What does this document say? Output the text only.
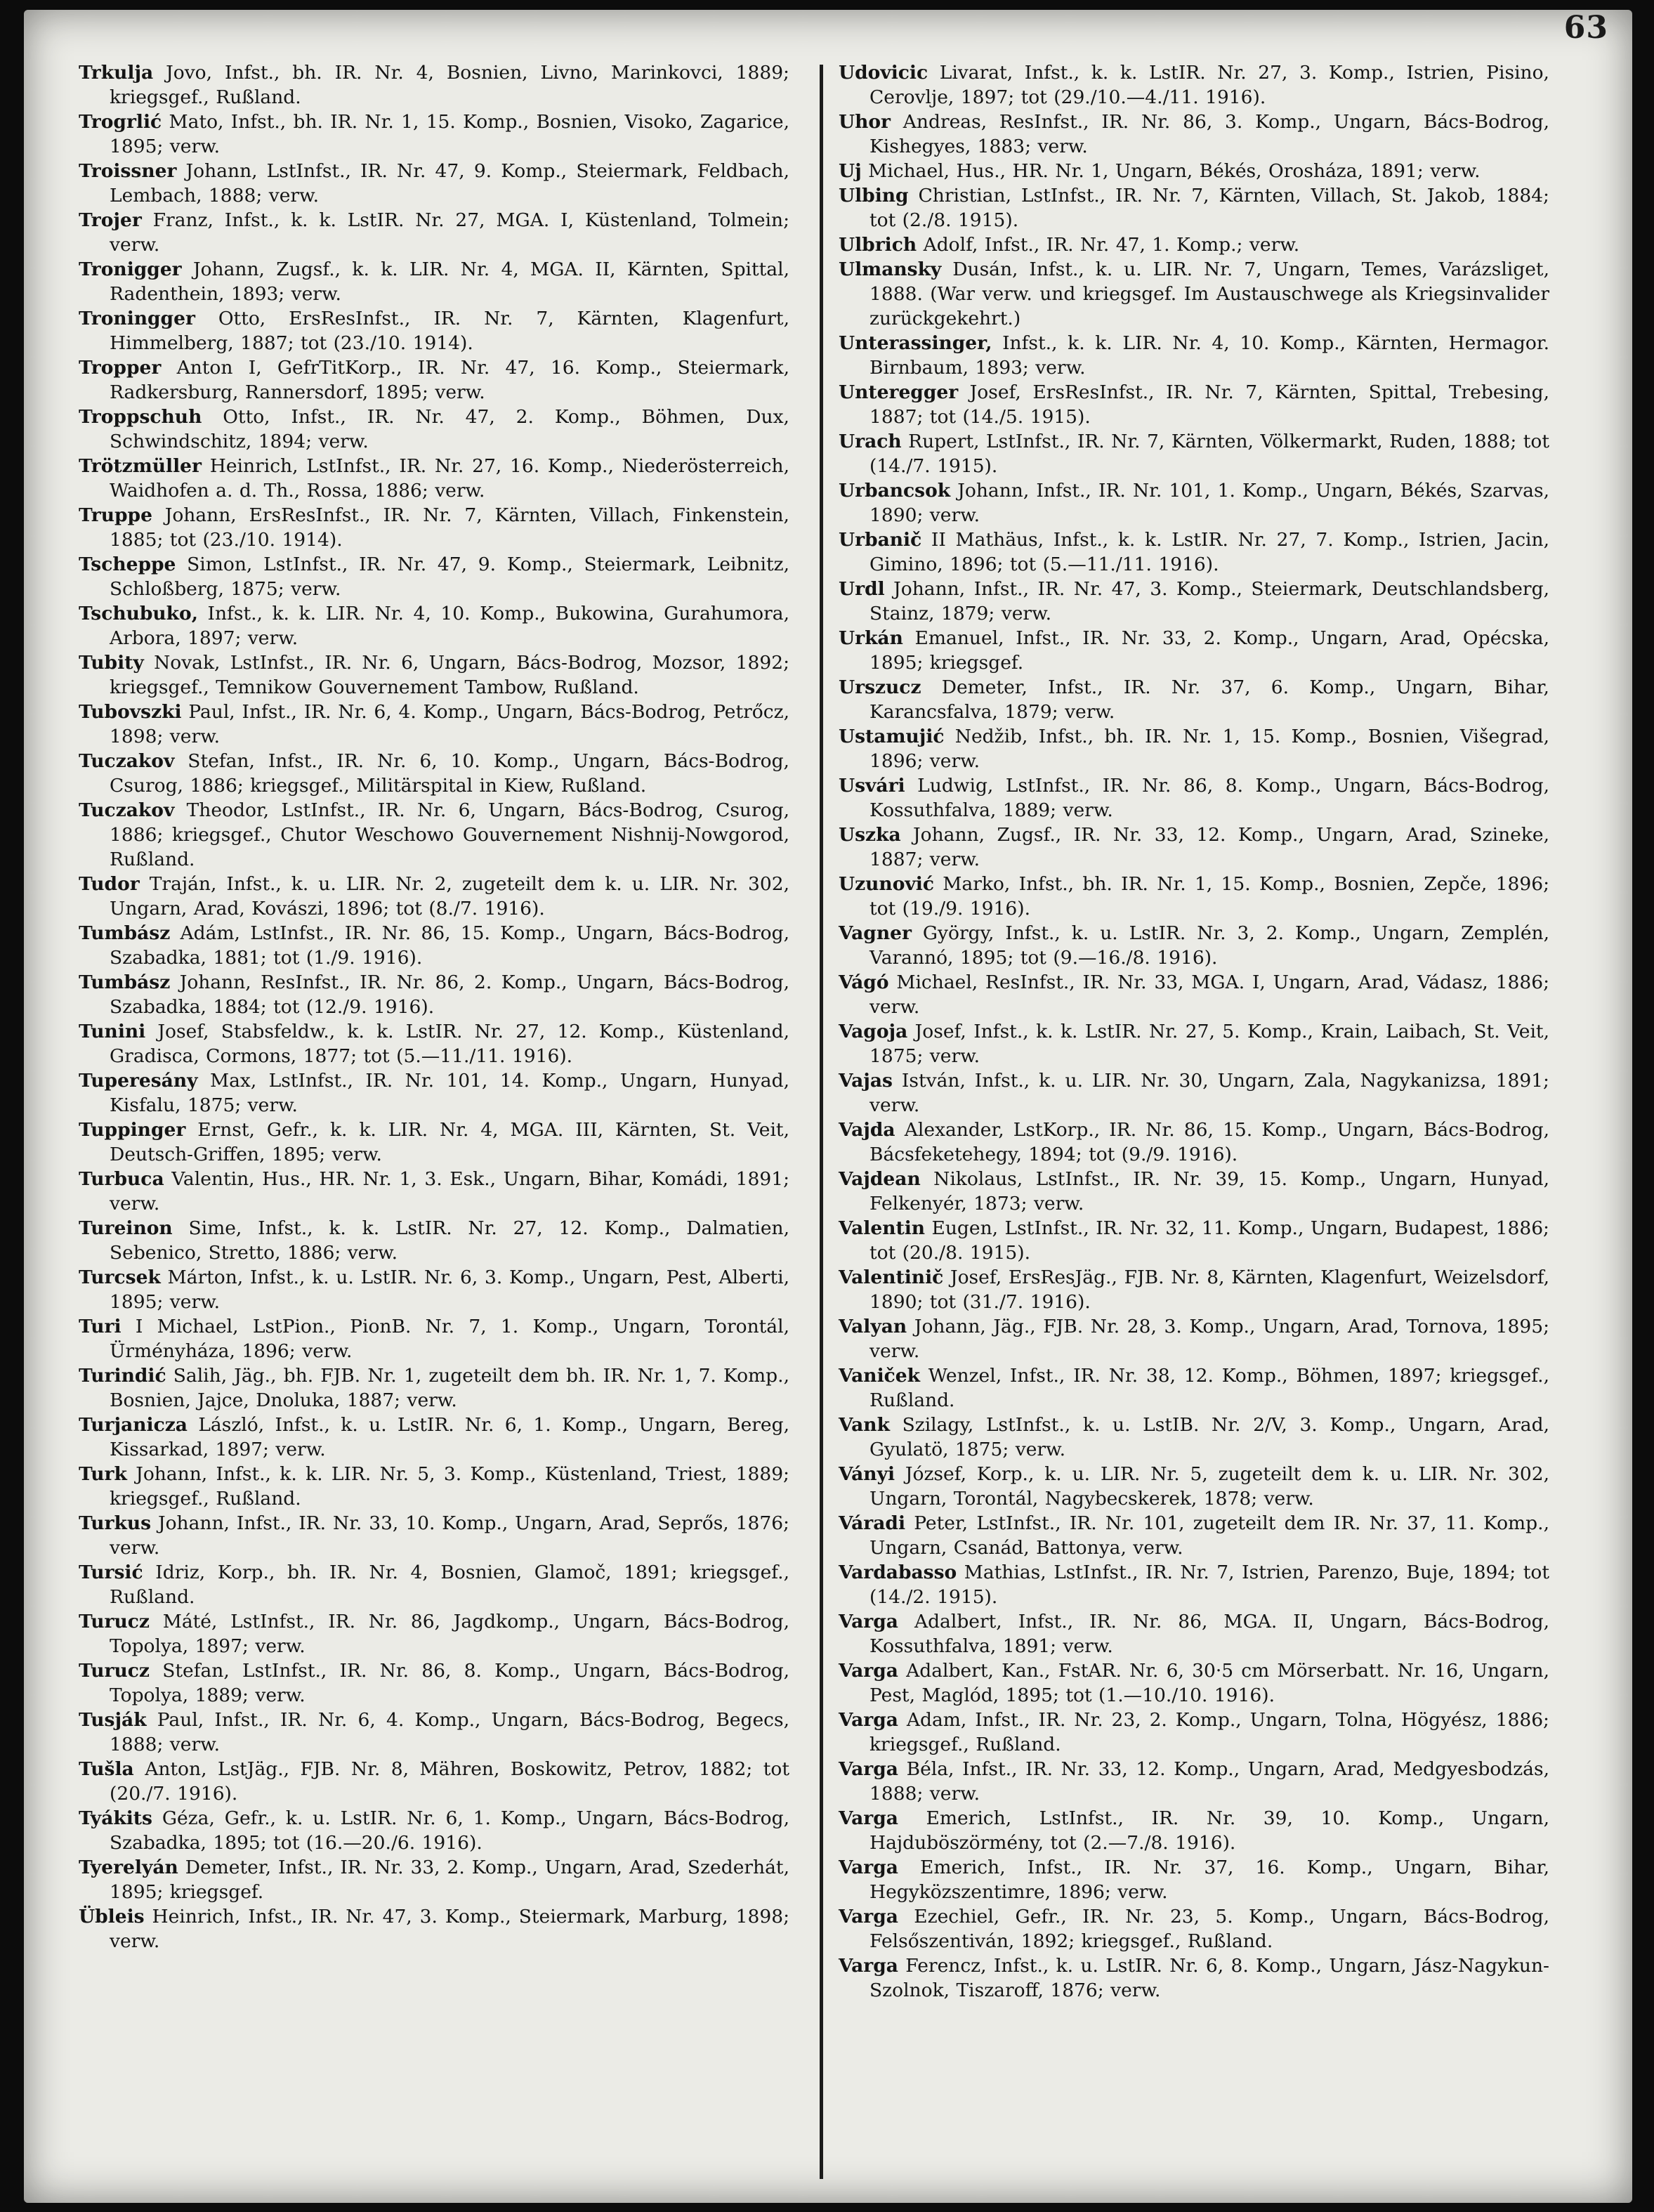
63

Trkulja Jovo, Infst., bh. IR. Nr. 4, Bosnien, Livno, Marinkovci, 1889; kriegsgef., Rußland.

Trogrlić Mato, Infst., bh. IR. Nr. 1, 15. Komp., Bosnien, Visoko, Zagarice, 1895; verw.

Troissner Johann, LstInfst., IR. Nr. 47, 9. Komp., Steiermark, Feldbach, Lembach, 1888; verw.

Trojer Franz, Infst., k. k. LstIR. Nr. 27, MGA. I, Küstenland, Tolmein; verw.

Tronigger Johann, Zugsf., k. k. LIR. Nr. 4, MGA. II, Kärnten, Spittal, Radenthein, 1893; verw.

Troningger Otto, ErsResInfst., IR. Nr. 7, Kärnten, Klagenfurt, Himmelberg, 1887; tot (23./10. 1914).

Tropper Anton I, GefrTitKorp., IR. Nr. 47, 16. Komp., Steiermark, Radkersburg, Rannersdorf, 1895; verw.

Troppschuh Otto, Infst., IR. Nr. 47, 2. Komp., Böhmen, Dux, Schwindschitz, 1894; verw.

Trötzmüller Heinrich, LstInfst., IR. Nr. 27, 16. Komp., Niederösterreich, Waidhofen a. d. Th., Rossa, 1886; verw.

Truppe Johann, ErsResInfst., IR. Nr. 7, Kärnten, Villach, Finkenstein, 1885; tot (23./10. 1914).

Tscheppe Simon, LstInfst., IR. Nr. 47, 9. Komp., Steiermark, Leibnitz, Schloßberg, 1875; verw.

Tschubuko, Infst., k. k. LIR. Nr. 4, 10. Komp., Bukowina, Gurahumora, Arbora, 1897; verw.

Tubity Novak, LstInfst., IR. Nr. 6, Ungarn, Bács-Bodrog, Mozsor, 1892; kriegsgef., Temnikow Gouvernement Tambow, Rußland.

Tubovszki Paul, Infst., IR. Nr. 6, 4. Komp., Ungarn, Bács-Bodrog, Petrőcz, 1898; verw.

Tuczakov Stefan, Infst., IR. Nr. 6, 10. Komp., Ungarn, Bács-Bodrog, Csurog, 1886; kriegsgef., Militärspital in Kiew, Rußland.

Tuczakov Theodor, LstInfst., IR. Nr. 6, Ungarn, Bács-Bodrog, Csurog, 1886; kriegsgef., Chutor Weschowo Gouvernement Nishnij-Nowgorod, Rußland.

Tudor Traján, Infst., k. u. LIR. Nr. 2, zugeteilt dem k. u. LIR. Nr. 302, Ungarn, Arad, Kovászi, 1896; tot (8./7. 1916).

Tumbász Adám, LstInfst., IR. Nr. 86, 15. Komp., Ungarn, Bács-Bodrog, Szabadka, 1881; tot (1./9. 1916).

Tumbász Johann, ResInfst., IR. Nr. 86, 2. Komp., Ungarn, Bács-Bodrog, Szabadka, 1884; tot (12./9. 1916).

Tunini Josef, Stabsfeldw., k. k. LstIR. Nr. 27, 12. Komp., Küstenland, Gradisca, Cormons, 1877; tot (5.—11./11. 1916).

Tuperesány Max, LstInfst., IR. Nr. 101, 14. Komp., Ungarn, Hunyad, Kisfalu, 1875; verw.

Tuppinger Ernst, Gefr., k. k. LIR. Nr. 4, MGA. III, Kärnten, St. Veit, Deutsch-Griffen, 1895; verw.

Turbuca Valentin, Hus., HR. Nr. 1, 3. Esk., Ungarn, Bihar, Komádi, 1891; verw.

Tureinon Sime, Infst., k. k. LstIR. Nr. 27, 12. Komp., Dalmatien, Sebenico, Stretto, 1886; verw.

Turcsek Márton, Infst., k. u. LstIR. Nr. 6, 3. Komp., Ungarn, Pest, Alberti, 1895; verw.

Turi I Michael, LstPion., PionB. Nr. 7, 1. Komp., Ungarn, Torontál, Ürményháza, 1896; verw.

Turindić Salih, Jäg., bh. FJB. Nr. 1, zugeteilt dem bh. IR. Nr. 1, 7. Komp., Bosnien, Jajce, Dnoluka, 1887; verw.

Turjanicza László, Infst., k. u. LstIR. Nr. 6, 1. Komp., Ungarn, Bereg, Kissarkad, 1897; verw.

Turk Johann, Infst., k. k. LIR. Nr. 5, 3. Komp., Küstenland, Triest, 1889; kriegsgef., Rußland.

Turkus Johann, Infst., IR. Nr. 33, 10. Komp., Ungarn, Arad, Seprős, 1876; verw.

Tursić Idriz, Korp., bh. IR. Nr. 4, Bosnien, Glamoč, 1891; kriegsgef., Rußland.

Turucz Máté, LstInfst., IR. Nr. 86, Jagdkomp., Ungarn, Bács-Bodrog, Topolya, 1897; verw.

Turucz Stefan, LstInfst., IR. Nr. 86, 8. Komp., Ungarn, Bács-Bodrog, Topolya, 1889; verw.

Tusják Paul, Infst., IR. Nr. 6, 4. Komp., Ungarn, Bács-Bodrog, Begecs, 1888; verw.

Tušla Anton, LstJäg., FJB. Nr. 8, Mähren, Boskowitz, Petrov, 1882; tot (20./7. 1916).

Tyákits Géza, Gefr., k. u. LstIR. Nr. 6, 1. Komp., Ungarn, Bács-Bodrog, Szabadka, 1895; tot (16.—20./6. 1916).

Tyerelyán Demeter, Infst., IR. Nr. 33, 2. Komp., Ungarn, Arad, Szederhát, 1895; kriegsgef.

Übleis Heinrich, Infst., IR. Nr. 47, 3. Komp., Steiermark, Marburg, 1898; verw.

Udovicic Livarat, Infst., k. k. LstIR. Nr. 27, 3. Komp., Istrien, Pisino, Cerovlje, 1897; tot (29./10.—4./11. 1916).

Uhor Andreas, ResInfst., IR. Nr. 86, 3. Komp., Ungarn, Bács-Bodrog, Kishegyes, 1883; verw.

Uj Michael, Hus., HR. Nr. 1, Ungarn, Békés, Orosháza, 1891; verw.

Ulbing Christian, LstInfst., IR. Nr. 7, Kärnten, Villach, St. Jakob, 1884; tot (2./8. 1915).

Ulbrich Adolf, Infst., IR. Nr. 47, 1. Komp.; verw.

Ulmansky Dusán, Infst., k. u. LIR. Nr. 7, Ungarn, Temes, Varázsliget, 1888. (War verw. und kriegsgef. Im Austauschwege als Kriegsinvalider zurückgekehrt.)

Unterassinger, Infst., k. k. LIR. Nr. 4, 10. Komp., Kärnten, Hermagor. Birnbaum, 1893; verw.

Unteregger Josef, ErsResInfst., IR. Nr. 7, Kärnten, Spittal, Trebesing, 1887; tot (14./5. 1915).

Urach Rupert, LstInfst., IR. Nr. 7, Kärnten, Völkermarkt, Ruden, 1888; tot (14./7. 1915).

Urbancsok Johann, Infst., IR. Nr. 101, 1. Komp., Ungarn, Békés, Szarvas, 1890; verw.

Urbanič II Mathäus, Infst., k. k. LstIR. Nr. 27, 7. Komp., Istrien, Jacin, Gimino, 1896; tot (5.—11./11. 1916).

Urdl Johann, Infst., IR. Nr. 47, 3. Komp., Steiermark, Deutschlandsberg, Stainz, 1879; verw.

Urkán Emanuel, Infst., IR. Nr. 33, 2. Komp., Ungarn, Arad, Opécska, 1895; kriegsgef.

Urszucz Demeter, Infst., IR. Nr. 37, 6. Komp., Ungarn, Bihar, Karancsfalva, 1879; verw.

Ustamujić Nedžib, Infst., bh. IR. Nr. 1, 15. Komp., Bosnien, Višegrad, 1896; verw.

Usvári Ludwig, LstInfst., IR. Nr. 86, 8. Komp., Ungarn, Bács-Bodrog, Kossuthfalva, 1889; verw.

Uszka Johann, Zugsf., IR. Nr. 33, 12. Komp., Ungarn, Arad, Szineke, 1887; verw.

Uzunović Marko, Infst., bh. IR. Nr. 1, 15. Komp., Bosnien, Zepče, 1896; tot (19./9. 1916).

Vagner György, Infst., k. u. LstIR. Nr. 3, 2. Komp., Ungarn, Zemplén, Varannó, 1895; tot (9.—16./8. 1916).

Vágó Michael, ResInfst., IR. Nr. 33, MGA. I, Ungarn, Arad, Vádasz, 1886; verw.

Vagoja Josef, Infst., k. k. LstIR. Nr. 27, 5. Komp., Krain, Laibach, St. Veit, 1875; verw.

Vajas István, Infst., k. u. LIR. Nr. 30, Ungarn, Zala, Nagykanizsa, 1891; verw.

Vajda Alexander, LstKorp., IR. Nr. 86, 15. Komp., Ungarn, Bács-Bodrog, Bácsfeketehegy, 1894; tot (9./9. 1916).

Vajdean Nikolaus, LstInfst., IR. Nr. 39, 15. Komp., Ungarn, Hunyad, Felkenyér, 1873; verw.

Valentin Eugen, LstInfst., IR. Nr. 32, 11. Komp., Ungarn, Budapest, 1886; tot (20./8. 1915).

Valentinič Josef, ErsResJäg., FJB. Nr. 8, Kärnten, Klagenfurt, Weizelsdorf, 1890; tot (31./7. 1916).

Valyan Johann, Jäg., FJB. Nr. 28, 3. Komp., Ungarn, Arad, Tornova, 1895; verw.

Vaniček Wenzel, Infst., IR. Nr. 38, 12. Komp., Böhmen, 1897; kriegsgef., Rußland.

Vank Szilagy, LstInfst., k. u. LstIB. Nr. 2/V, 3. Komp., Ungarn, Arad, Gyulatö, 1875; verw.

Ványi József, Korp., k. u. LIR. Nr. 5, zugeteilt dem k. u. LIR. Nr. 302, Ungarn, Torontál, Nagybecskerek, 1878; verw.

Váradi Peter, LstInfst., IR. Nr. 101, zugeteilt dem IR. Nr. 37, 11. Komp., Ungarn, Csanád, Battonya, verw.

Vardabasso Mathias, LstInfst., IR. Nr. 7, Istrien, Parenzo, Buje, 1894; tot (14./2. 1915).

Varga Adalbert, Infst., IR. Nr. 86, MGA. II, Ungarn, Bács-Bodrog, Kossuthfalva, 1891; verw.

Varga Adalbert, Kan., FstAR. Nr. 6, 30·5 cm Mörserbatt. Nr. 16, Ungarn, Pest, Maglód, 1895; tot (1.—10./10. 1916).

Varga Adam, Infst., IR. Nr. 23, 2. Komp., Ungarn, Tolna, Högyész, 1886; kriegsgef., Rußland.

Varga Béla, Infst., IR. Nr. 33, 12. Komp., Ungarn, Arad, Medgyesbodzás, 1888; verw.

Varga Emerich, LstInfst., IR. Nr. 39, 10. Komp., Ungarn, Hajduböszörmény, tot (2.—7./8. 1916).

Varga Emerich, Infst., IR. Nr. 37, 16. Komp., Ungarn, Bihar, Hegyközszentimre, 1896; verw.

Varga Ezechiel, Gefr., IR. Nr. 23, 5. Komp., Ungarn, Bács-Bodrog, Felsőszentiván, 1892; kriegsgef., Rußland.

Varga Ferencz, Infst., k. u. LstIR. Nr. 6, 8. Komp., Ungarn, Jász-Nagykun-Szolnok, Tiszaroff, 1876; verw.
